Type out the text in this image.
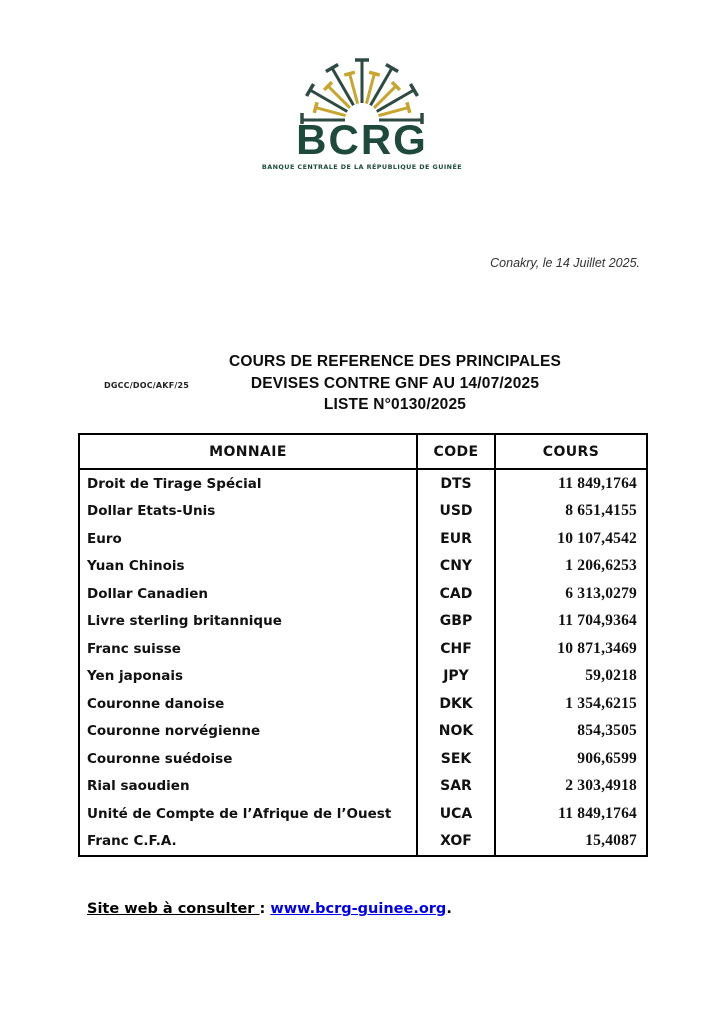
BCRG
BANQUE CENTRALE DE LA RÉPUBLIQUE DE GUINÉE
Conakry, le 14 Juillet 2025.
DGCC/DOC/AKF/25
COURS DE REFERENCE DES PRINCIPALES
DEVISES CONTRE GNF AU 14/07/2025
LISTE N°0130/2025
MONNAIE	CODE	COURS
Droit de Tirage Spécial	DTS	11 849,1764
Dollar Etats-Unis	USD	8 651,4155
Euro	EUR	10 107,4542
Yuan Chinois	CNY	1 206,6253
Dollar Canadien	CAD	6 313,0279
Livre sterling britannique	GBP	11 704,9364
Franc suisse	CHF	10 871,3469
Yen japonais	JPY	59,0218
Couronne danoise	DKK	1 354,6215
Couronne norvégienne	NOK	854,3505
Couronne suédoise	SEK	906,6599
Rial saoudien	SAR	2 303,4918
Unité de Compte de l’Afrique de l’Ouest	UCA	11 849,1764
Franc C.F.A.	XOF	15,4087
Site web à consulter : www.bcrg-guinee.org.
